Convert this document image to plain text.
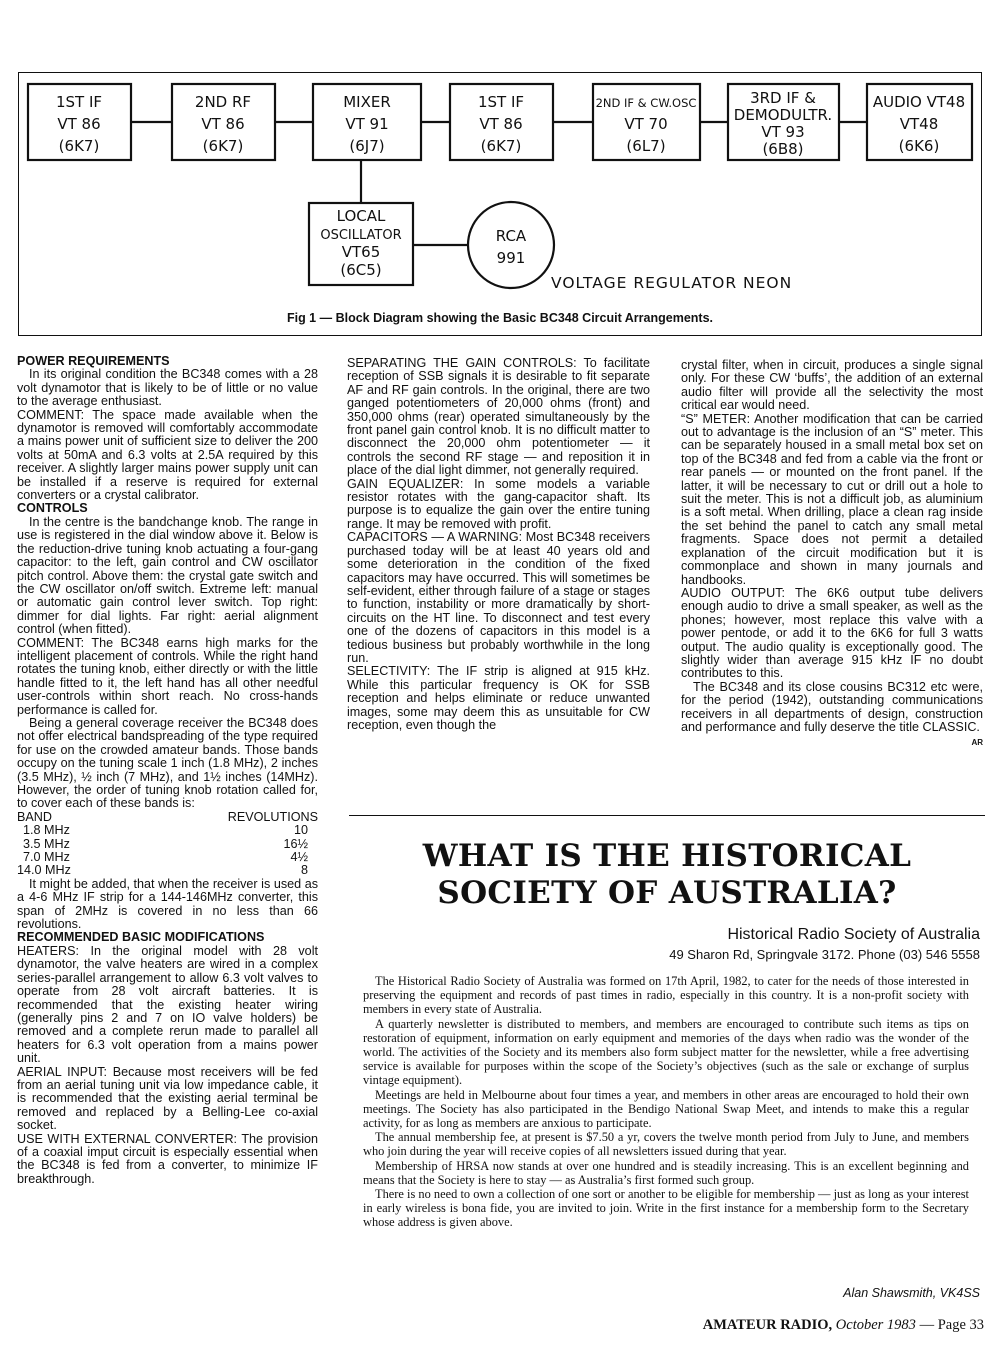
1ST IF
VT 86
(6K7)
2ND RF
VT 86
(6K7)
MIXER
VT 91
(6J7)
1ST IF
VT 86
(6K7)
2ND IF & CW.OSC
VT 70
(6L7)
3RD IF &
DEMODULTR.
VT 93
(6B8)
AUDIO VT48
VT48
(6K6)
LOCAL
OSCILLATOR
VT65
(6C5)
RCA
991
VOLTAGE REGULATOR NEON
Fig 1 — Block Diagram showing the Basic BC348 Circuit Arrangements.
POWER REQUIREMENTS

In its original condition the BC348 comes with a 28 volt dynamotor that is likely to be of little or no value to the average enthusiast.

COMMENT: The space made available when the dynamotor is removed will comfortably accommodate a mains power unit of sufficient size to deliver the 200 volts at 50mA and 6.3 volts at 2.5A required by this receiver. A slightly larger mains power supply unit can be installed if a reserve is required for external converters or a crystal calibrator.

CONTROLS

In the centre is the bandchange knob. The range in use is registered in the dial window above it. Below is the reduction-drive tuning knob actuating a four-gang capacitor: to the left, gain control and CW oscillator pitch control. Above them: the crystal gate switch and the CW oscillator on/off switch. Extreme left: manual or automatic gain control lever switch. Top right: dimmer for dial lights. Far right: aerial alignment control (when fitted).

COMMENT: The BC348 earns high marks for the intelligent placement of controls. While the right hand rotates the tuning knob, either directly or with the little handle fitted to it, the left hand has all other needful user-controls within short reach. No cross-hands performance is called for.

Being a general coverage receiver the BC348 does not offer electrical bandspreading of the type required for use on the crowded amateur bands. Those bands occupy on the tuning scale 1 inch (1.8 MHz), 2 inches (3.5 MHz), ½ inch (7 MHz), and 1½ inches (14MHz). However, the order of tuning knob rotation called for, to cover each of these bands is:

BAND	REVOLUTIONS
1.8 MHz	10
3.5 MHz	16½
7.0 MHz	4½
14.0 MHz	8

It might be added, that when the receiver is used as a 4-6 MHz IF strip for a 144-146MHz converter, this span of 2MHz is covered in no less than 66 revolutions.

RECOMMENDED BASIC MODIFICATIONS

HEATERS: In the original model with 28 volt dynamotor, the valve heaters are wired in a complex series-parallel arrangement to allow 6.3 volt valves to operate from 28 volt aircraft batteries. It is recommended that the existing heater wiring (generally pins 2 and 7 on IO valve holders) be removed and a complete rerun made to parallel all heaters for 6.3 volt operation from a mains power unit.

AERIAL INPUT: Because most receivers will be fed from an aerial tuning unit via low impedance cable, it is recommended that the existing aerial terminal be removed and replaced by a Belling-Lee co-axial socket.

USE WITH EXTERNAL CONVERTER: The provision of a coaxial imput circuit is especially essential when the BC348 is fed from a converter, to minimize IF breakthrough.

SEPARATING THE GAIN CONTROLS: To facilitate reception of SSB signals it is desirable to fit separate AF and RF gain controls. In the original, there are two ganged potentiometers of 20,000 ohms (front) and 350,000 ohms (rear) operated simultaneously by the front panel gain control knob. It is no difficult matter to disconnect the 20,000 ohm potentiometer — it controls the second RF stage — and reposition it in place of the dial light dimmer, not generally required.

GAIN EQUALIZER: In some models a variable resistor rotates with the gang-capacitor shaft. Its purpose is to equalize the gain over the entire tuning range. It may be removed with profit.

CAPACITORS — A WARNING: Most BC348 receivers purchased today will be at least 40 years old and some deterioration in the condition of the fixed capacitors may have occurred. This will sometimes be self-evident, either through failure of a stage or stages to function, instability or more dramatically by short-circuits on the HT line. To disconnect and test every one of the dozens of capacitors in this model is a tedious business but probably worthwhile in the long run.

SELECTIVITY: The IF strip is aligned at 915 kHz. While this particular frequency is OK for SSB reception and helps eliminate or reduce unwanted images, some may deem this as unsuitable for CW reception, even though the

crystal filter, when in circuit, produces a single signal only. For these CW ‘buffs’, the addition of an external audio filter will provide all the selectivity the most critical ear would need.

“S” METER: Another modification that can be carried out to advantage is the inclusion of an “S” meter. This can be separately housed in a small metal box set on top of the BC348 and fed from a cable via the front or rear panels — or mounted on the front panel. If the latter, it will be necessary to cut or drill out a hole to suit the meter. This is not a difficult job, as aluminium is a soft metal. When drilling, place a clean rag inside the set behind the panel to catch any small metal fragments. Space does not permit a detailed explanation of the circuit modification but it is commonplace and shown in many journals and handbooks.

AUDIO OUTPUT: The 6K6 output tube delivers enough audio to drive a small speaker, as well as the phones; however, most replace this valve with a power pentode, or add it to the 6K6 for full 3 watts output. The audio quality is exceptionally good. The slightly wider than average 915 kHz IF no doubt contributes to this.

The BC348 and its close cousins BC312 etc were, for the period (1942), outstanding communications receivers in all departments of design, construction and performance and fully deserve the title CLASSIC.
AR

WHAT IS THE HISTORICAL SOCIETY OF AUSTRALIA?
Historical Radio Society of Australia
49 Sharon Rd, Springvale 3172. Phone (03) 546 5558

The Historical Radio Society of Australia was formed on 17th April, 1982, to cater for the needs of those interested in preserving the equipment and records of past times in radio, especially in this country. It is a non-profit society with members in every state of Australia.

A quarterly newsletter is distributed to members, and members are encouraged to contribute such items as tips on restoration of equipment, information on early equipment and memories of the days when radio was the wonder of the world. The activities of the Society and its members also form subject matter for the newsletter, while a free advertising service is available for purposes within the scope of the Society’s objectives (such as the sale or exchange of surplus vintage equipment).

Meetings are held in Melbourne about four times a year, and members in other areas are encouraged to hold their own meetings. The Society has also participated in the Bendigo National Swap Meet, and intends to make this a regular activity, for as long as members are anxious to participate.

The annual membership fee, at present is $7.50 a yr, covers the twelve month period from July to June, and members who join during the year will receive copies of all newsletters issued during that year.

Membership of HRSA now stands at over one hundred and is steadily increasing. This is an excellent beginning and means that the Society is here to stay — as Australia’s first formed such group.

There is no need to own a collection of one sort or another to be eligible for membership — just as long as your interest in early wireless is bona fide, you are invited to join. Write in the first instance for a membership form to the Secretary whose address is given above.

Alan Shawsmith, VK4SS
AMATEUR RADIO, October 1983 — Page 33
